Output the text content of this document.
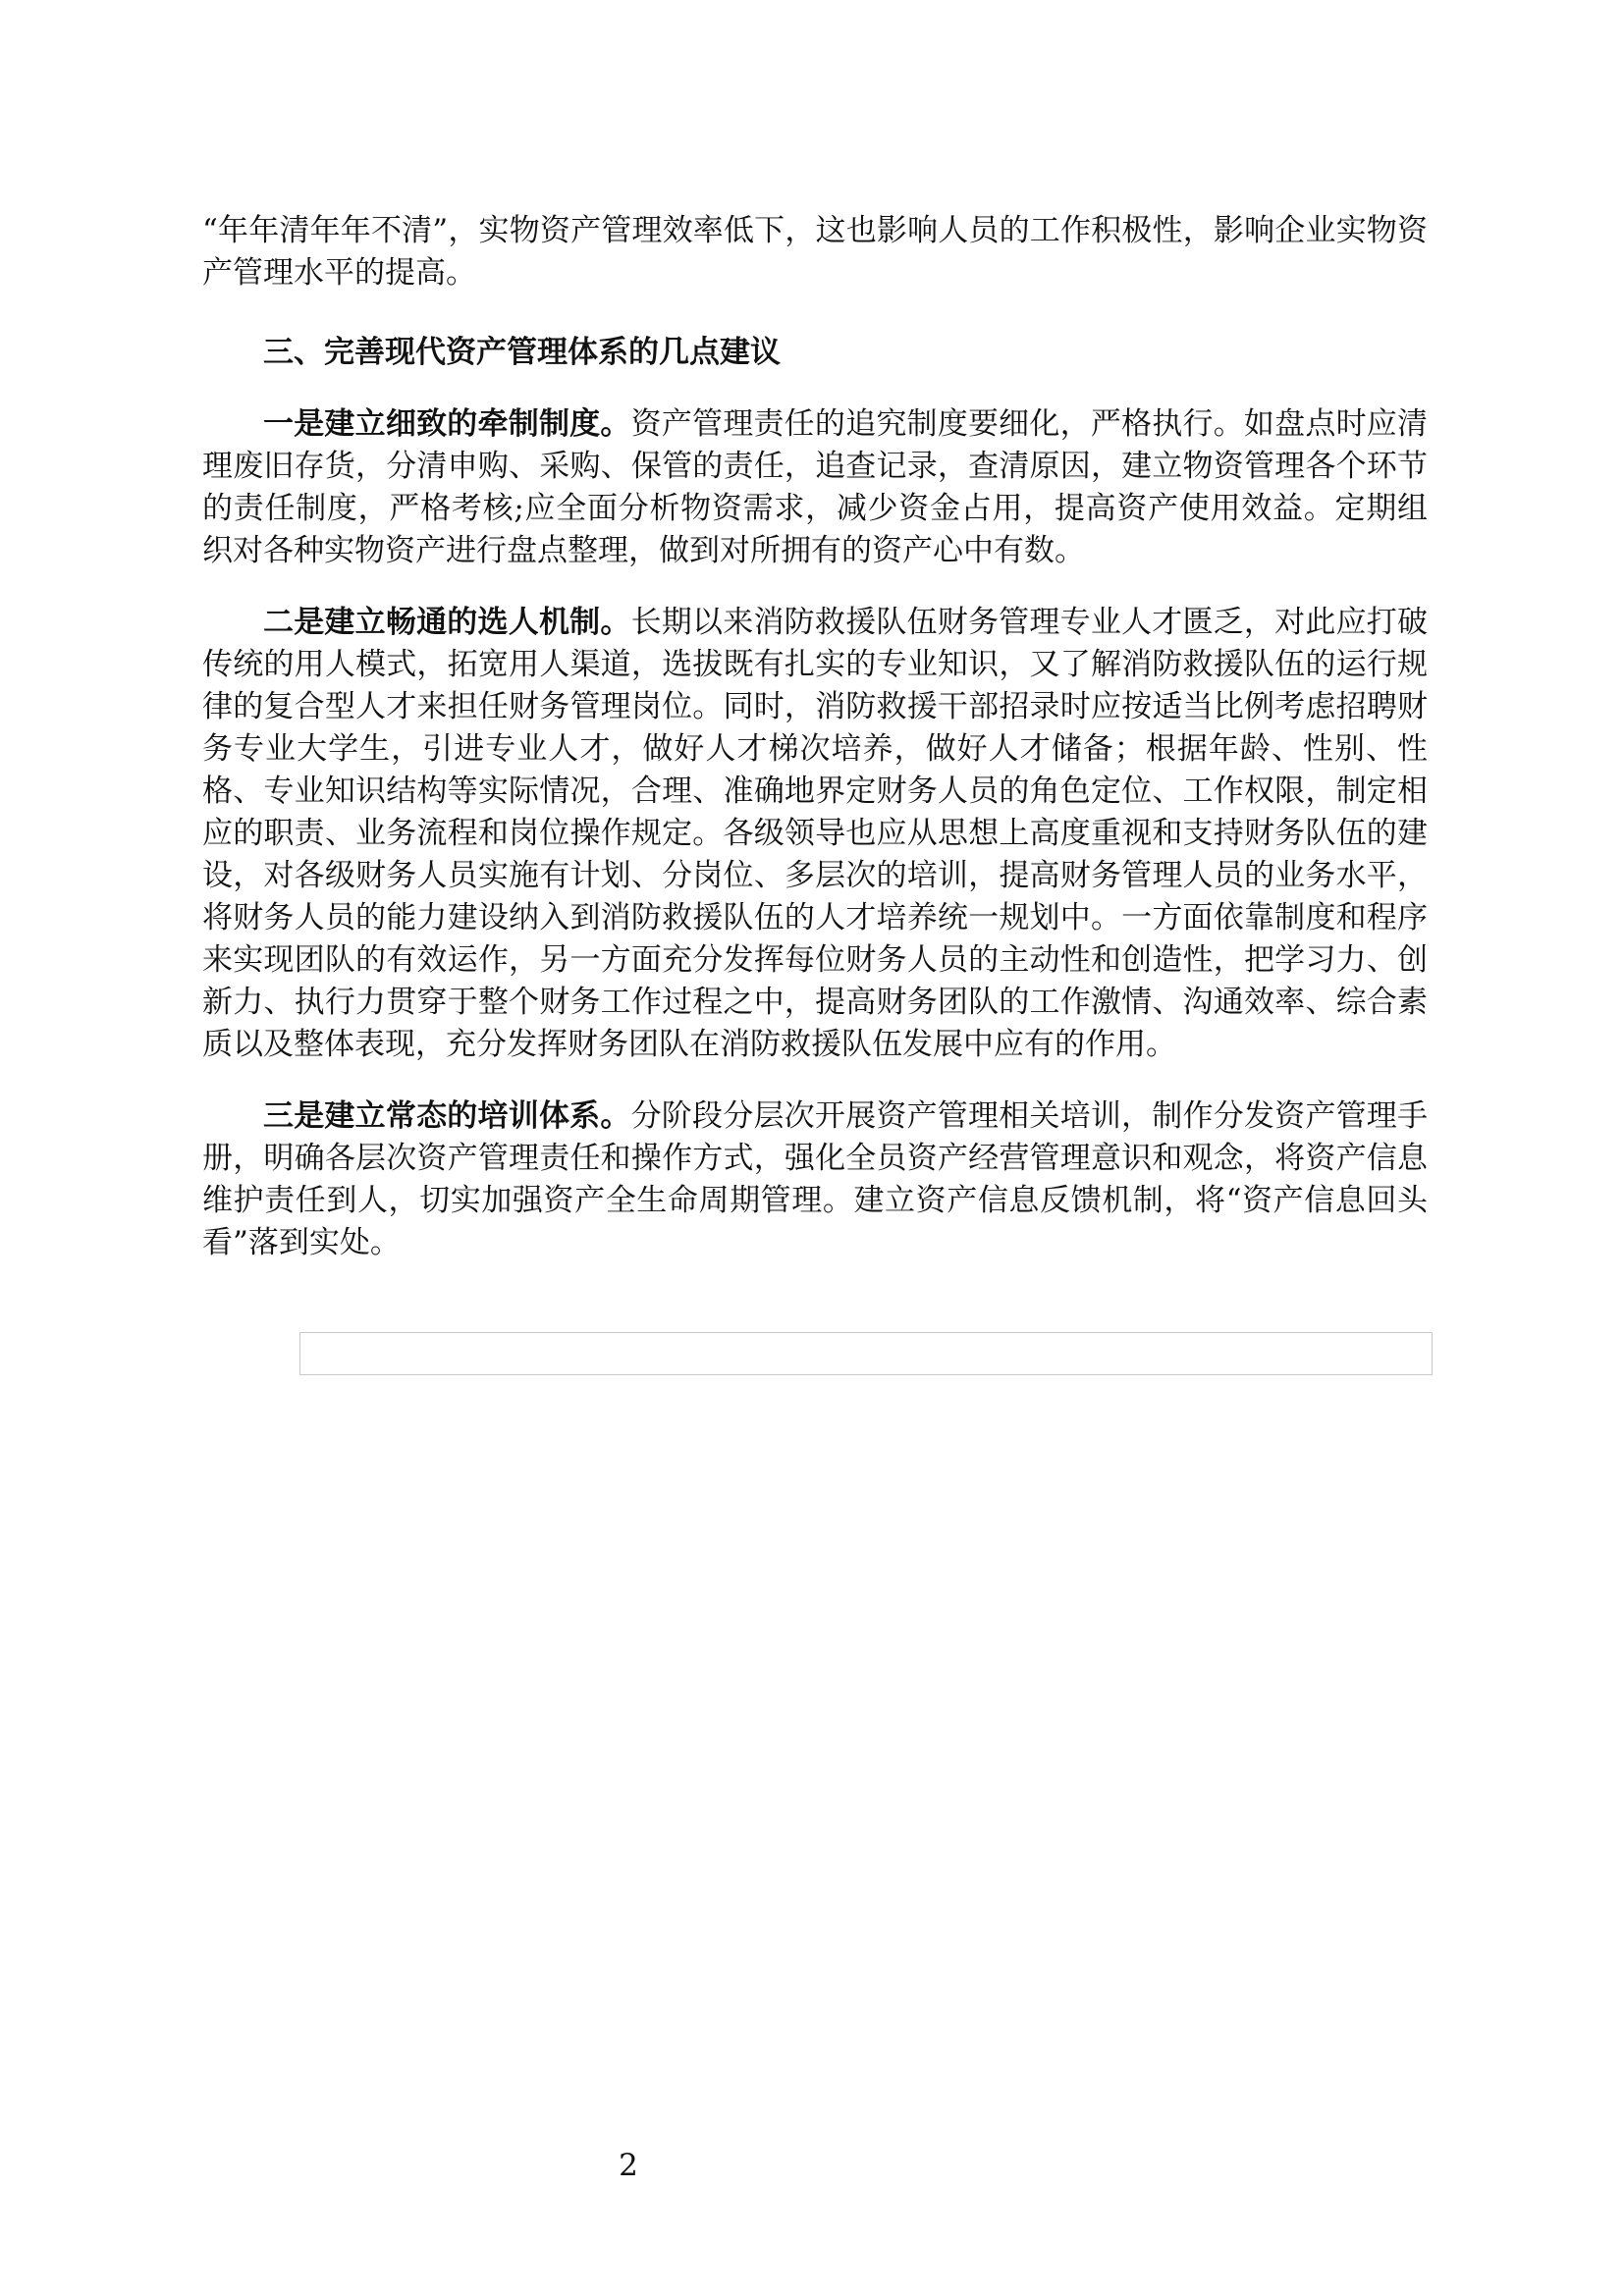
“年年清年年不清”，实物资产管理效率低下，这也影响人员的工作积极性，影响企业实物资产管理水平的提高。

三、完善现代资产管理体系的几点建议

一是建立细致的牵制制度。资产管理责任的追究制度要细化，严格执行。如盘点时应清理废旧存货，分清申购、采购、保管的责任，追查记录，查清原因，建立物资管理各个环节的责任制度，严格考核;应全面分析物资需求，减少资金占用，提高资产使用效益。定期组织对各种实物资产进行盘点整理，做到对所拥有的资产心中有数。

二是建立畅通的选人机制。长期以来消防救援队伍财务管理专业人才匮乏，对此应打破传统的用人模式，拓宽用人渠道，选拔既有扎实的专业知识，又了解消防救援队伍的运行规律的复合型人才来担任财务管理岗位。同时，消防救援干部招录时应按适当比例考虑招聘财务专业大学生，引进专业人才，做好人才梯次培养，做好人才储备；根据年龄、性别、性格、专业知识结构等实际情况，合理、准确地界定财务人员的角色定位、工作权限，制定相应的职责、业务流程和岗位操作规定。各级领导也应从思想上高度重视和支持财务队伍的建设，对各级财务人员实施有计划、分岗位、多层次的培训，提高财务管理人员的业务水平，将财务人员的能力建设纳入到消防救援队伍的人才培养统一规划中。一方面依靠制度和程序来实现团队的有效运作，另一方面充分发挥每位财务人员的主动性和创造性，把学习力、创新力、执行力贯穿于整个财务工作过程之中，提高财务团队的工作激情、沟通效率、综合素质以及整体表现，充分发挥财务团队在消防救援队伍发展中应有的作用。

三是建立常态的培训体系。分阶段分层次开展资产管理相关培训，制作分发资产管理手册，明确各层次资产管理责任和操作方式，强化全员资产经营管理意识和观念，将资产信息维护责任到人，切实加强资产全生命周期管理。建立资产信息反馈机制，将“资产信息回头看”落到实处。

2
